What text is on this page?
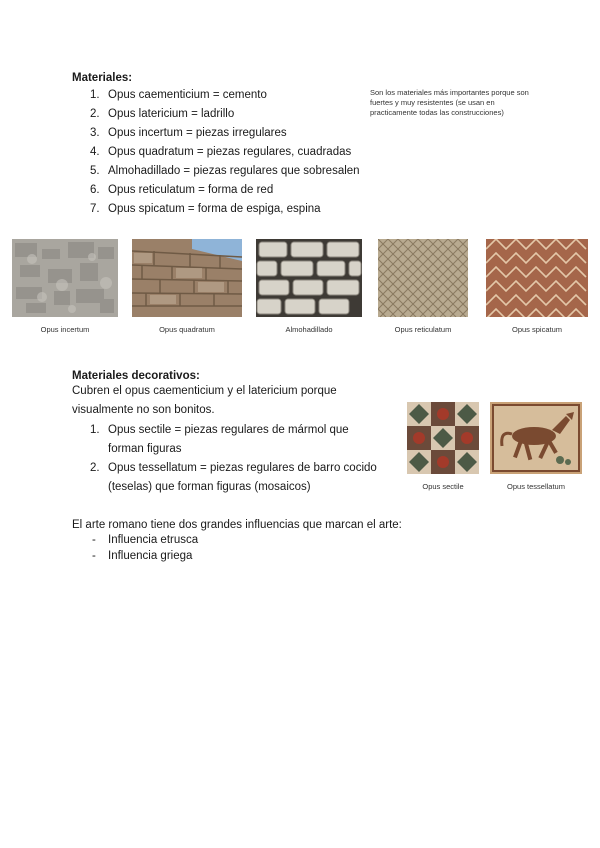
Materiales:
1. Opus caementicium = cemento
2. Opus latericium = ladrillo
3. Opus incertum = piezas irregulares
4. Opus quadratum = piezas regulares, cuadradas
5. Almohadillado = piezas regulares que sobresalen
6. Opus reticulatum = forma de red
7. Opus spicatum = forma de espiga, espina
Son los materiales más importantes porque son fuertes y muy resistentes (se usan en practicamente todas las construcciones)
Opus incertum	Opus quadratum	Almohadillado	Opus reticulatum	Opus spicatum
Materiales decorativos:
Cubren el opus caementicium y el latericium porque visualmente no son bonitos.
1. Opus sectile = piezas regulares de mármol que forman figuras
2. Opus tessellatum = piezas regulares de barro cocido (teselas) que forman figuras (mosaicos)	Opus sectile	Opus tessellatum
El arte romano tiene dos grandes influencias que marcan el arte:
- Influencia etrusca
- Influencia griega
